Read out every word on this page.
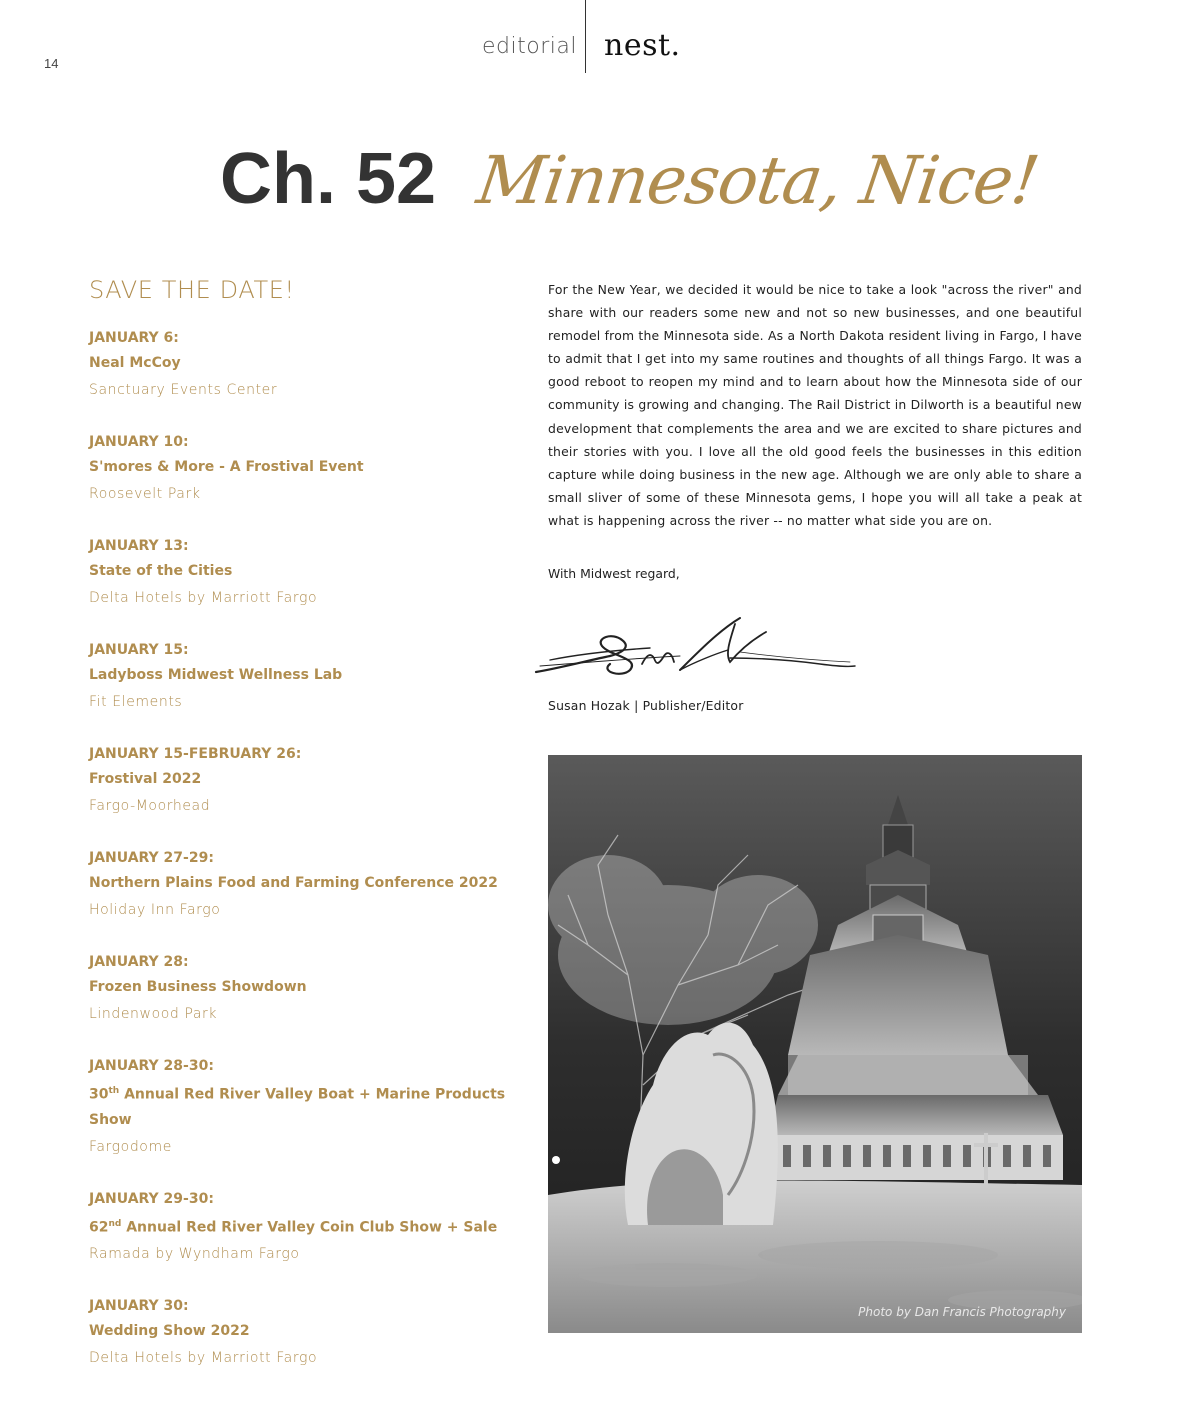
14
editorial nest.
Ch. 52 Minnesota, Nice!
SAVE THE DATE!
JANUARY 6:
Neal McCoy
Sanctuary Events Center
JANUARY 10:
S'mores & More - A Frostival Event
Roosevelt Park
JANUARY 13:
State of the Cities
Delta Hotels by Marriott Fargo
JANUARY 15:
Ladyboss Midwest Wellness Lab
Fit Elements
JANUARY 15-FEBRUARY 26:
Frostival 2022
Fargo-Moorhead
JANUARY 27-29:
Northern Plains Food and Farming Conference 2022
Holiday Inn Fargo
JANUARY 28:
Frozen Business Showdown
Lindenwood Park
JANUARY 28-30:
30th Annual Red River Valley Boat + Marine Products Show
Fargodome
JANUARY 29-30:
62nd Annual Red River Valley Coin Club Show + Sale
Ramada by Wyndham Fargo
JANUARY 30:
Wedding Show 2022
Delta Hotels by Marriott Fargo
For the New Year, we decided it would be nice to take a look "across the river" and share with our readers some new and not so new businesses, and one beautiful remodel from the Minnesota side. As a North Dakota resident living in Fargo, I have to admit that I get into my same routines and thoughts of all things Fargo. It was a good reboot to reopen my mind and to learn about how the Minnesota side of our community is growing and changing. The Rail District in Dilworth is a beautiful new development that complements the area and we are excited to share pictures and their stories with you. I love all the old good feels the businesses in this edition capture while doing business in the new age. Although we are only able to share a small sliver of some of these Minnesota gems, I hope you will all take a peak at what is happening across the river -- no matter what side you are on.
With Midwest regard,
Susan Hozak | Publisher/Editor
Photo by Dan Francis Photography
